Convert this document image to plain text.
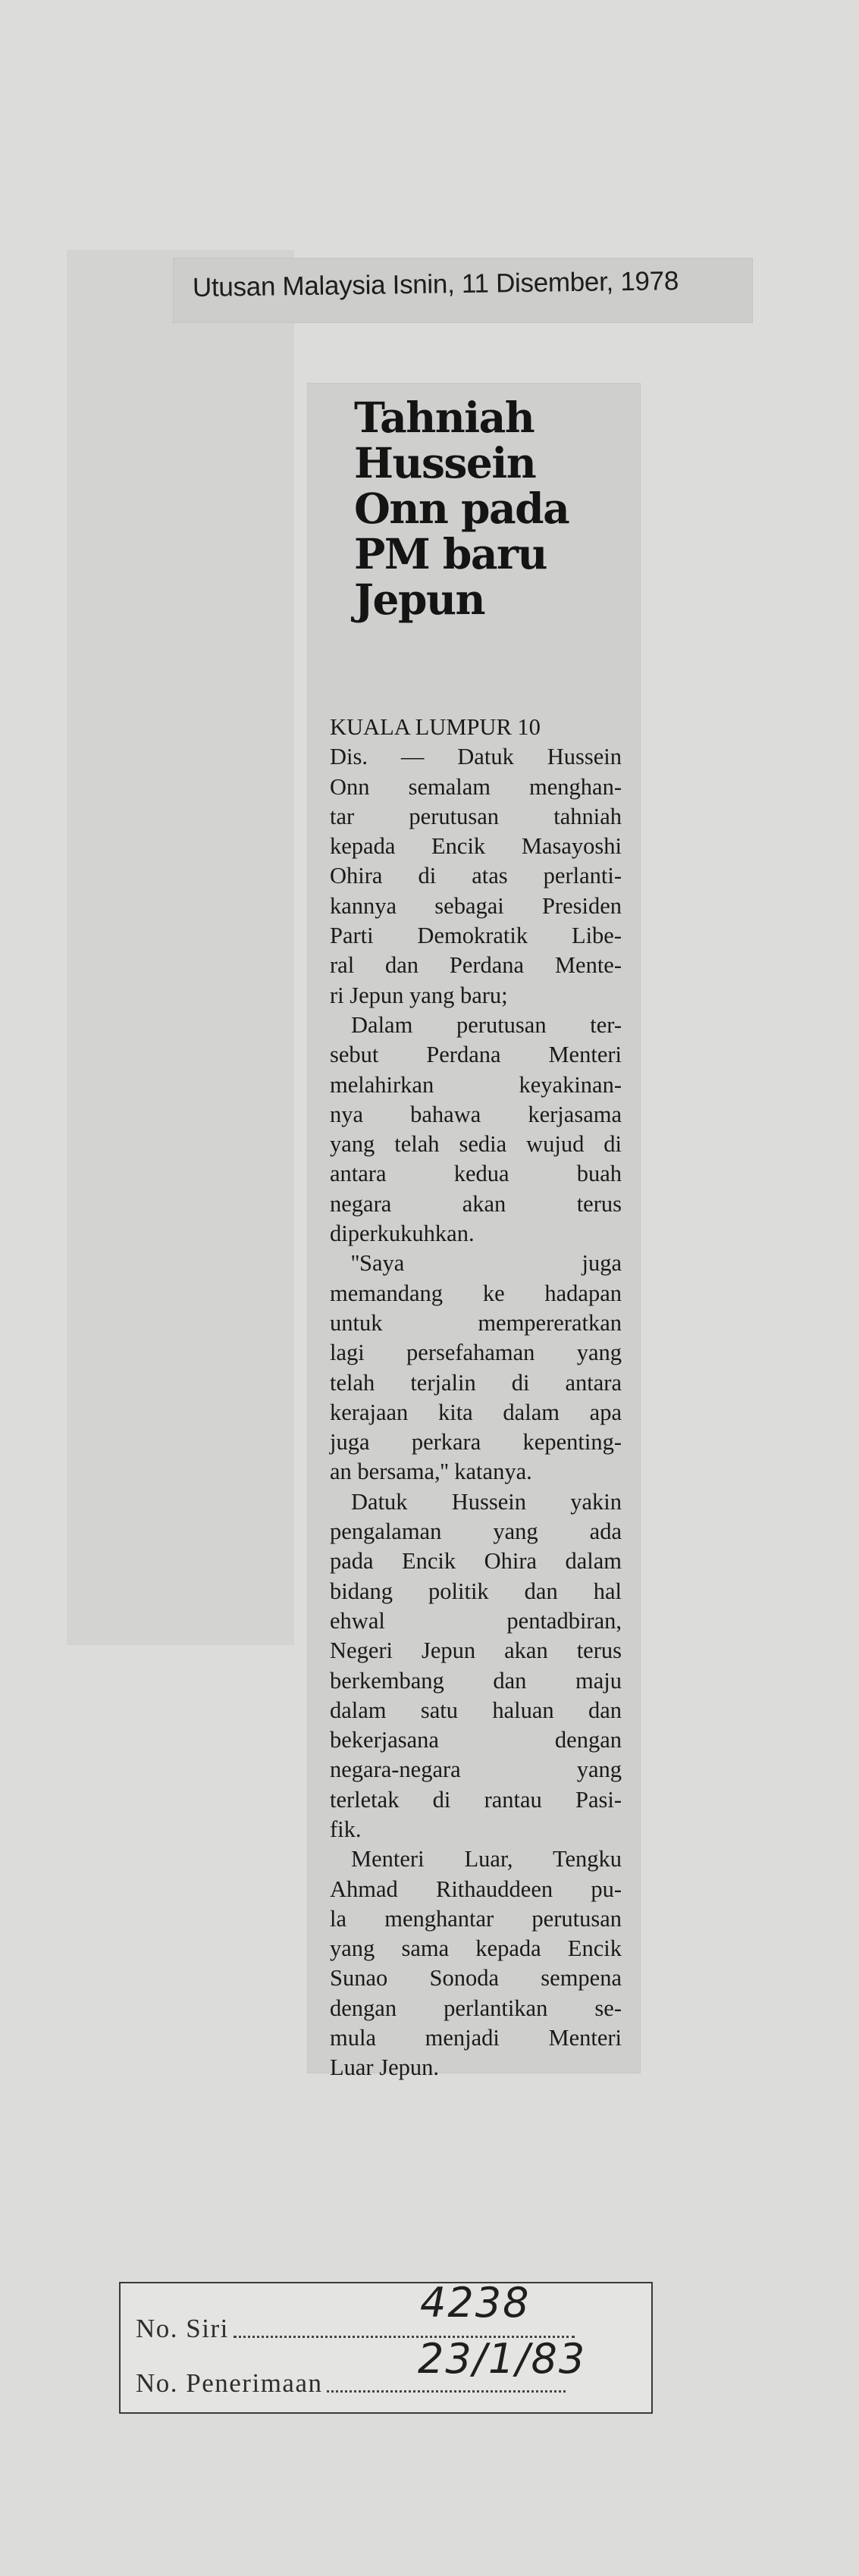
Utusan Malaysia Isnin, 11 Disember, 1978
Tahniah
Hussein
Onn pada
PM baru
Jepun
KUALA LUMPUR 10
Dis. — Datuk Hussein
Onn semalam menghan-
tar perutusan tahniah
kepada Encik Masayoshi
Ohira di atas perlanti-
kannya sebagai Presiden
Parti Demokratik Libe-
ral dan Perdana Mente-
ri Jepun yang baru;
Dalam perutusan ter-
sebut Perdana Menteri
melahirkan keyakinan-
nya bahawa kerjasama
yang telah sedia wujud di
antara kedua buah
negara akan terus
diperkukuhkan.
''Saya juga
memandang ke hadapan
untuk mempereratkan
lagi persefahaman yang
telah terjalin di antara
kerajaan kita dalam apa
juga perkara kepenting-
an bersama,'' katanya.
Datuk Hussein yakin
pengalaman yang ada
pada Encik Ohira dalam
bidang politik dan hal
ehwal pentadbiran,
Negeri Jepun akan terus
berkembang dan maju
dalam satu haluan dan
bekerjasana dengan
negara-negara yang
terletak di rantau Pasi-
fik.
Menteri Luar, Tengku
Ahmad Rithauddeen pu-
la menghantar perutusan
yang sama kepada Encik
Sunao Sonoda sempena
dengan perlantikan se-
mula menjadi Menteri
Luar Jepun.
No. Siri
4238
No. Penerimaan
23/1/83
